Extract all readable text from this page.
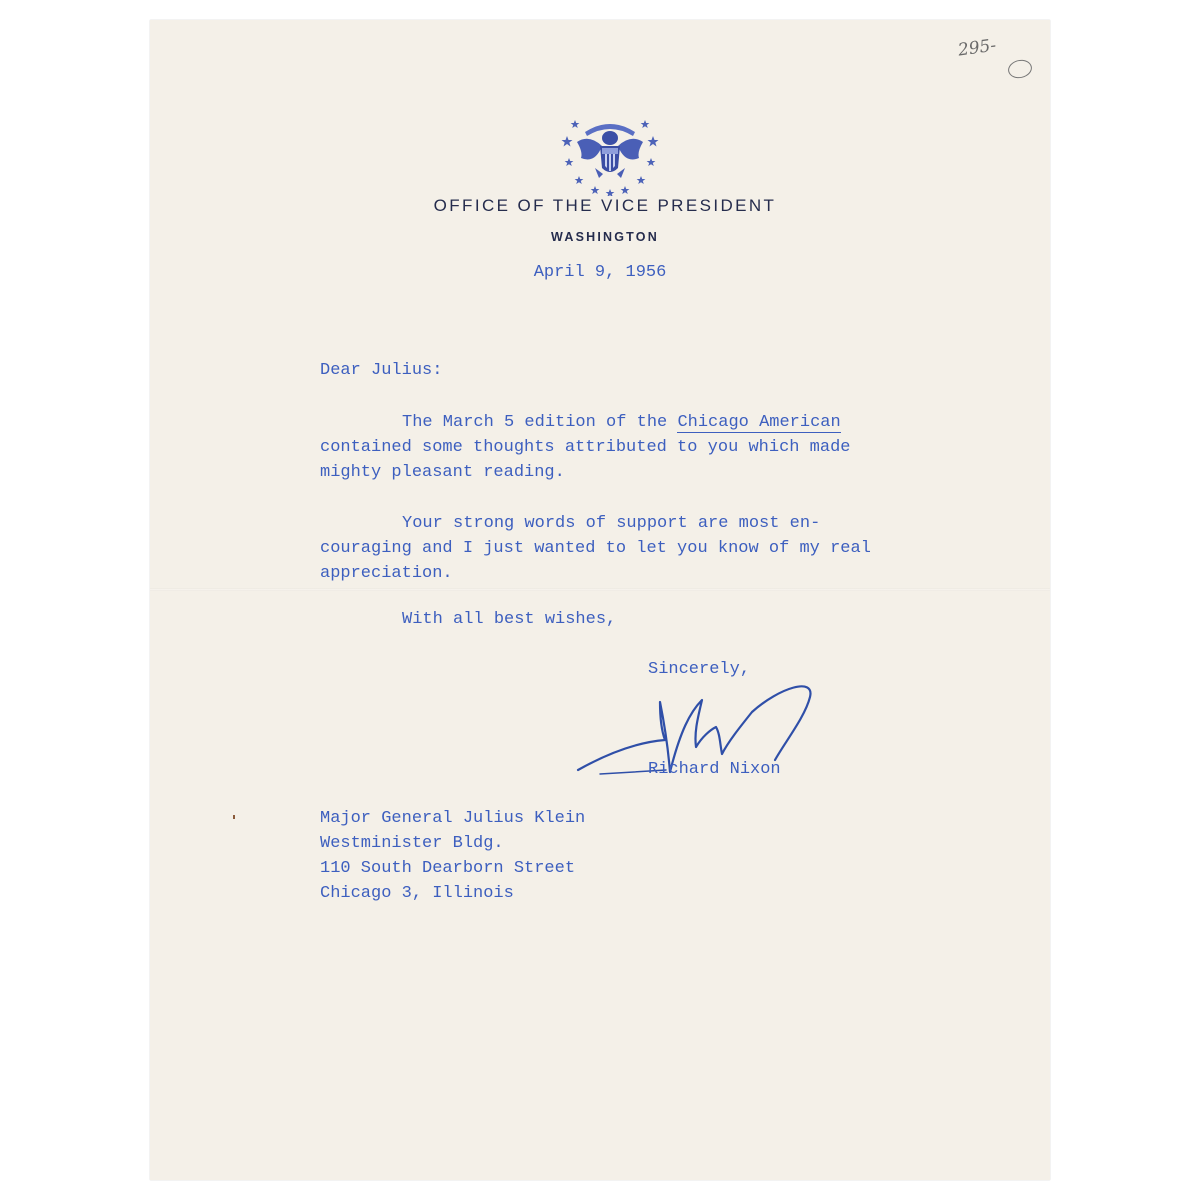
295-
OFFICE OF THE VICE PRESIDENT
WASHINGTON
April 9, 1956
Dear Julius:
The March 5 edition of the Chicago American
contained some thoughts attributed to you which made
mighty pleasant reading.
Your strong words of support are most en-
couraging and I just wanted to let you know of my real
appreciation.
With all best wishes,
Sincerely,
Richard Nixon
Major General Julius Klein
Westminister Bldg.
110 South Dearborn Street
Chicago 3, Illinois
